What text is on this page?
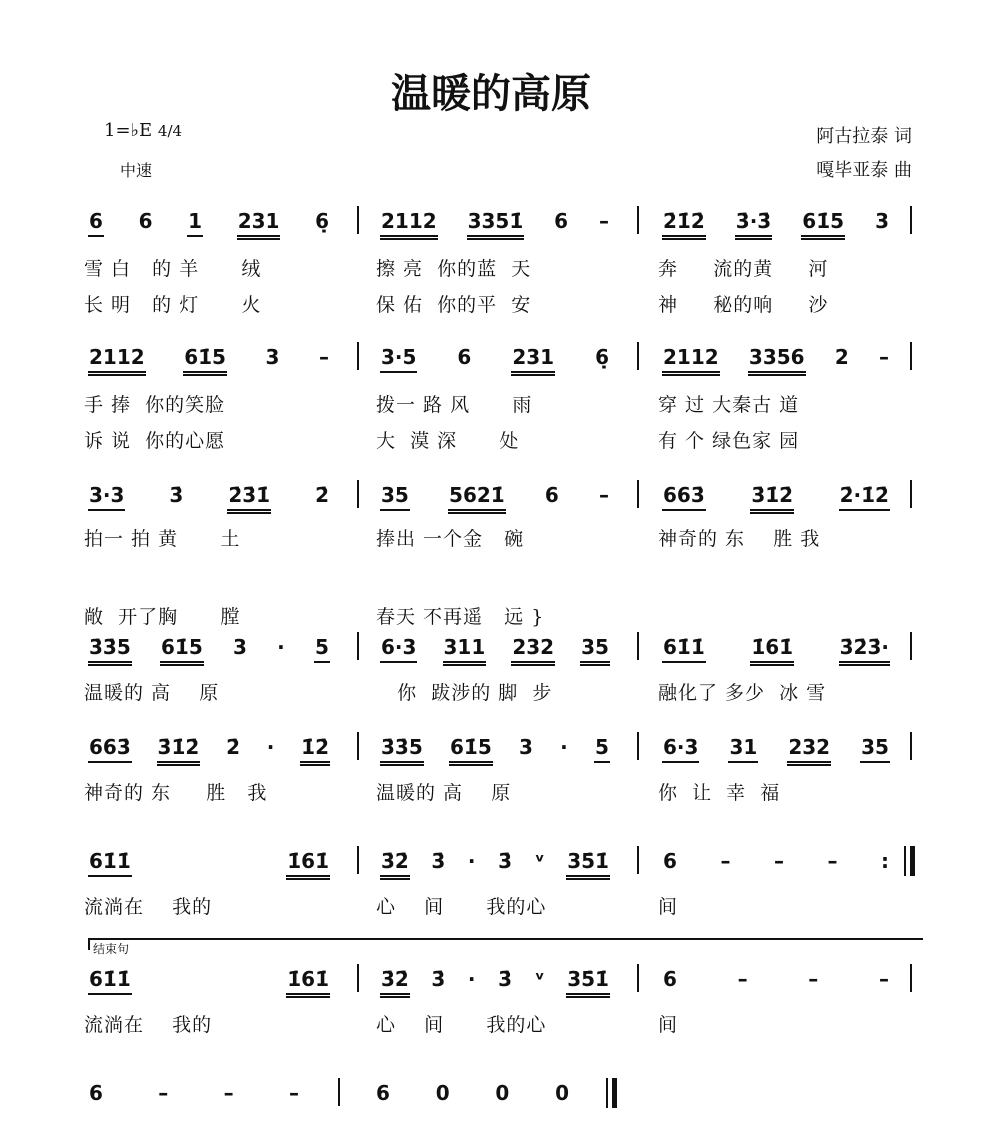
温暖的高原
1=♭E 4/4
中速
阿古拉泰 词
嘎毕亚泰 曲
结束句
6 6 1 231 6̣
雪 白   的 羊      绒
长 明   的 灯      火
2112 3351̇ 6 –
擦 亮  你的蓝  天
保 佑  你的平  安
2̇1̇2̇ 3̇·3̇ 61̇5 3
奔     流的黄     河
神     秘的响     沙
2112 61̇5 3 –
手 捧  你的笑脸
诉 说  你的心愿
3·5 6 231 6̣
拨一 路 风      雨
大  漠 深      处
2112 3356 2 –
穿 过 大秦古 道
有 个 绿色家 园
3·3 3̇ 2̇3̇1̇ 2̇
拍一 拍 黄      土
敞  开了胸      膛
35 5621̇ 6 –
捧出 一个金   碗
春天 不再遥   远 }
663̇ 3̇1̇2̇ 2̇·1̇2̇
神奇的 东    胜 我
3̇3̇5 61̇5 3 · 5
温暖的 高    原
6·3 311 232 35
你  跋涉的 脚  步
61̇1̇ 1̇61̇ 3̇2̇3̇·
融化了 多少  冰 雪
663̇ 3̇1̇2̇ 2̇ · 1̇2̇
神奇的 东     胜   我
3̇3̇5 61̇5 3 · 5
温暖的 高    原
6·3 31 232 35
你  让  幸  福
61̇1̇
	1̇61̇
流淌在    我的
3̇2̇ 3̇ · 3̇ ᵛ 35̇1̇
心    间      我的心
6 – – – :
间
61̇1̇
	1̇61̇
流淌在    我的
3̇2̇ 3̇ · 3̇ ᵛ 35̇1̇
心    间      我的心
6	–	–	–
间
6	–	–	–	6 0 0 0
